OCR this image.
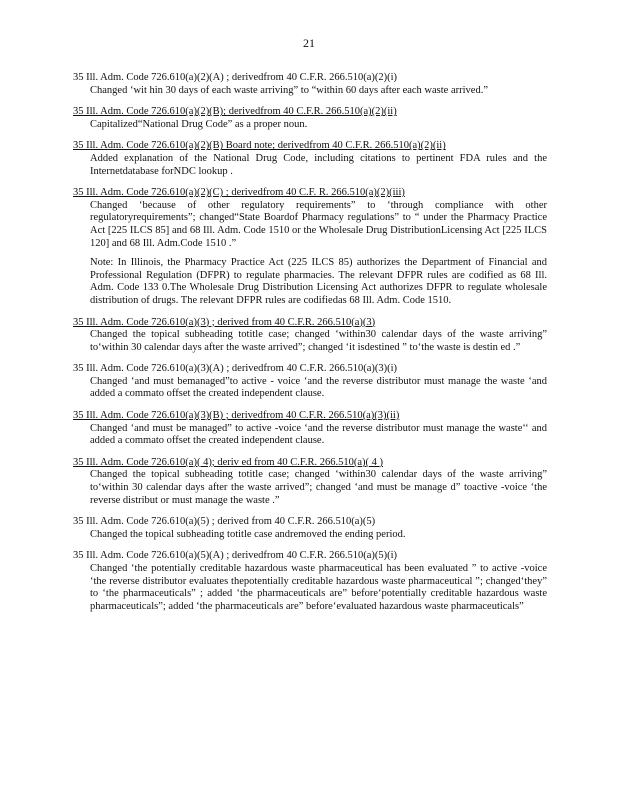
21
35 Ill. Adm. Code 726.610(a)(2)(A) ; derivedfrom 40 C.F.R. 266.510(a)(2)(i)
Changed ‘wit hin 30 days of each waste arriving” to “within 60 days after each waste arrived.”
35 Ill. Adm. Code 726.610(a)(2)(B); derivedfrom 40 C.F.R. 266.510(a)(2)(ii)
Capitalized“National Drug Code” as a proper noun.
35 Ill. Adm. Code 726.610(a)(2)(B) Board note; derivedfrom 40 C.F.R. 266.510(a)(2)(ii)
Added explanation of the National Drug Code, including citations to pertinent FDA rules and the Internetdatabase forNDC lookup .
35 Ill. Adm. Code 726.610(a)(2)(C) ; derivedfrom 40 C.F. R. 266.510(a)(2)(iii)
Changed ‘because of other regulatory requirements” to ‘through compliance with other regulatoryrequirements”; changed“State Boardof Pharmacy regulations” to “ under the Pharmacy Practice Act [225 ILCS 85] and 68 Ill. Adm. Code 1510 or the Wholesale Drug DistributionLicensing Act [225 ILCS 120] and 68 Ill. Adm.Code 1510 .”
Note: In Illinois, the Pharmacy Practice Act (225 ILCS 85) authorizes the Department of Financial and Professional Regulation (DFPR) to regulate pharmacies. The relevant DFPR rules are codified as 68 Ill. Adm. Code 133 0.The Wholesale Drug Distribution Licensing Act authorizes DFPR to regulate wholesale distribution of drugs. The relevant DFPR rules are codifiedas 68 Ill. Adm. Code 1510.
35 Ill. Adm. Code 726.610(a)(3) ; derived from 40 C.F.R. 266.510(a)(3)
Changed the topical subheading totitle case; changed ‘within30 calendar days of the waste arriving” to‘within 30 calendar days after the waste arrived”; changed ‘it isdestined ” to‘the waste is destin ed .”
35 Ill. Adm. Code 726.610(a)(3)(A) ; derivedfrom 40 C.F.R. 266.510(a)(3)(i)
Changed ‘and must bemanaged”to active - voice ‘and the reverse distributor must manage the waste ‘and added a commato offset the created independent clause.
35 Ill. Adm. Code 726.610(a)(3)(B) ; derivedfrom 40 C.F.R. 266.510(a)(3)(ii)
Changed ‘and must be managed” to active -voice ‘and the reverse distributor must manage the waste‘‘ and added a commato offset the created independent clause.
35 Ill. Adm. Code 726.610(a)( 4); deriv ed from 40 C.F.R. 266.510(a)( 4 )
Changed the topical subheading totitle case; changed ‘within30 calendar days of the waste arriving” to‘within 30 calendar days after the waste arrived”; changed ‘and must be manage d” toactive -voice ‘the reverse distribut or must manage the waste .”
35 Ill. Adm. Code 726.610(a)(5) ; derived from 40 C.F.R. 266.510(a)(5)
Changed the topical subheading totitle case andremoved the ending period.
35 Ill. Adm. Code 726.610(a)(5)(A) ; derivedfrom 40 C.F.R. 266.510(a)(5)(i)
Changed ‘the potentially creditable hazardous waste pharmaceutical has been evaluated ” to active -voice ‘the reverse distributor evaluates thepotentially creditable hazardous waste pharmaceutical ”; changed‘they” to ‘the pharmaceuticals” ; added ‘the pharmaceuticals are” before‘potentially creditable hazardous waste pharmaceuticals”; added ‘the pharmaceuticals are” before‘evaluated hazardous waste pharmaceuticals”
